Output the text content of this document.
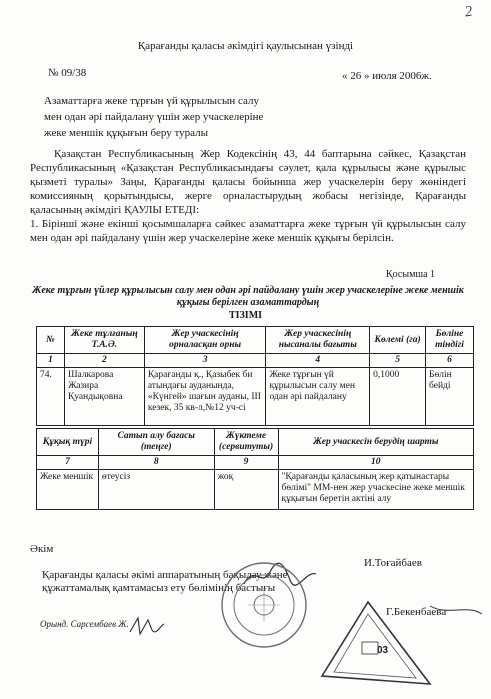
2
Қарағанды қаласы әкімдігі қаулысынан үзінді
№ 09/38	« 26 » июля 2006ж.
Азаматтарға жеке тұрғын үй құрылысын салу
мен одан әрі пайдалану үшін жер учаскелеріне
жеке меншік құқығын беру туралы

Қазақстан Республикасының Жер Кодексінің 43, 44 баптарына сәйкес, Қазақстан Республикасының «Қазақстан Республикасындағы сәулет, қала құрылысы және құрылыс қызметі туралы» Заңы, Қарағанды қаласы бойынша жер учаскелерін беру жөніндегі комиссияның қорытындысы, жерге орналастырудың жобасы негізінде, Қарағанды қаласының әкімдігі ҚАУЛЫ ЕТЕДІ:

1. Бірінші және екінші қосымшаларға сәйкес азаматтарға жеке тұрғын үй құрылысын салу мен одан әрі пайдалану үшін жер учаскелеріне жеке меншік құқығы берілсін.

Қосымша 1
Жеке тұрғын үйлер құрылысын салу мен одан әрі пайдалану үшін жер учаскелеріне жеке меншік құқығы берілген азаматтардың
ТІЗІМІ
№	Жеке тұлғаның Т.А.Ә.	Жер учаскесінің орналасқан орны	Жер учаскесінің нысаналы бағыты	Көлемі (га)	Бөліне тіндігі
1	2	3	4	5	6
74.	Шалкарова Жазира Қуандықовна	Қарағанды қ., Қазыбек би атындағы ауданында, «Күнгей» шағын ауданы, III кезек, 35 кв-л,№12 уч-сі	Жеке тұрғын үй құрылысын салу мен одан әрі пайдалану	0,1000	Бөлін бейді
Құқық түрі	Сатып алу бағасы (теңге)	Жүктеме (сервитуты)	Жер учаскесін берудің шарты
7	8	9	10
Жеке меншік	өтеусіз	жоқ	"Қарағанды қаласының жер қатынастары бөлімі" ММ-нен жер учаскесіне жеке меншік құқығын беретін актіні алу
Әкім
И.Тоғайбаев
Қарағанды қаласы әкімі аппаратының бақылау және құжаттамалық қамтамасыз ету бөлімінің бастығы
Г.Бекенбаева
Орынд. Сарсембаев Ж.
03
